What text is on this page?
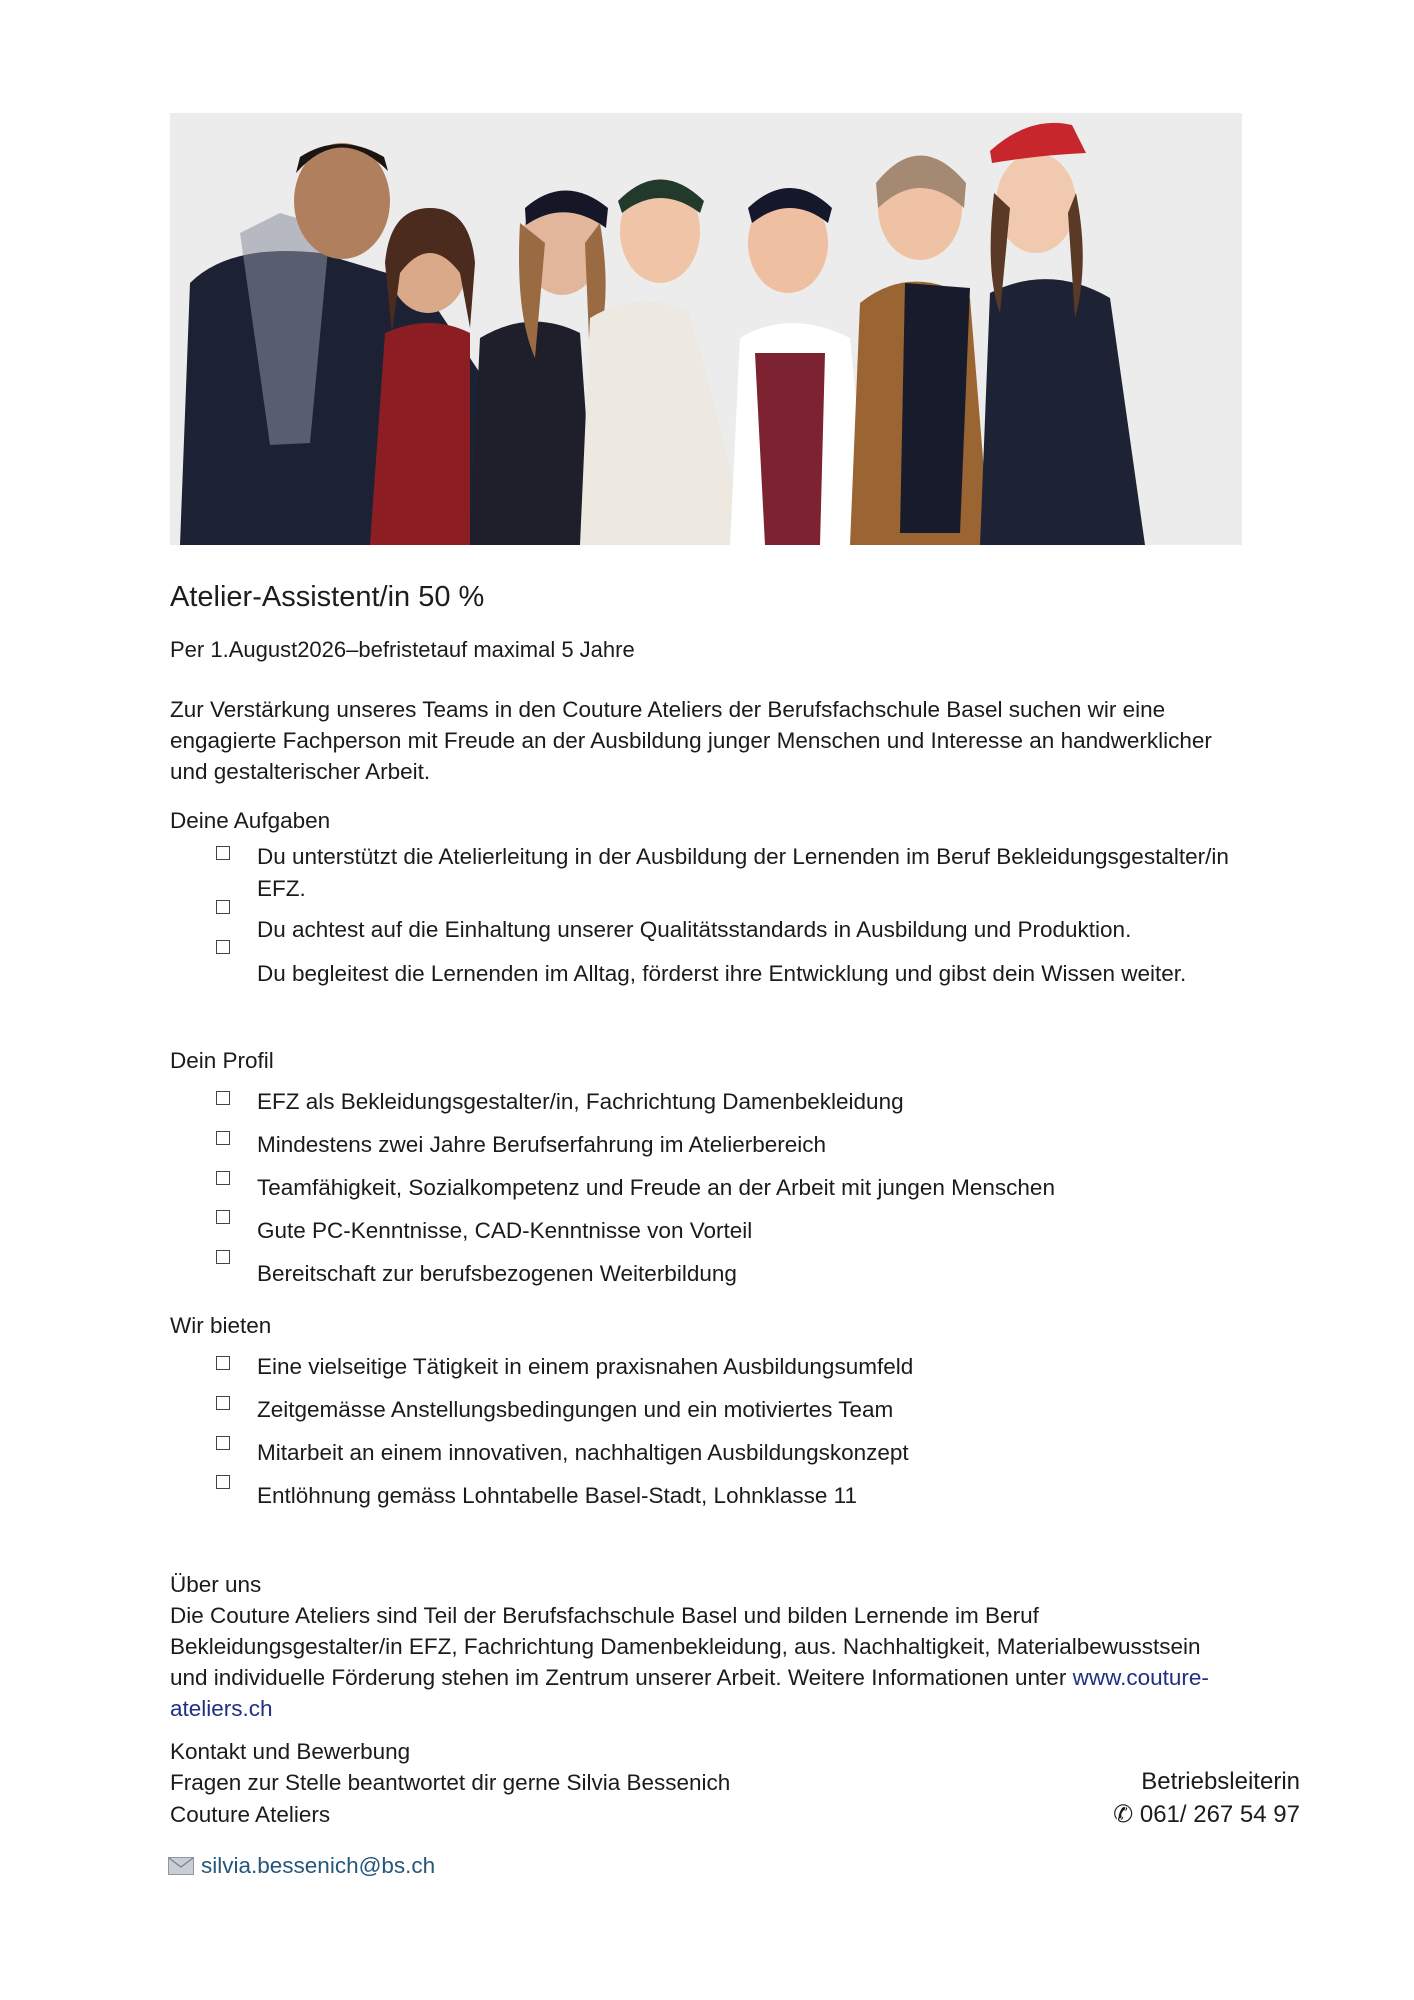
Atelier-Assistent/in 50 %
Per 1.August2026–befristetauf maximal 5 Jahre
Zur Verstärkung unseres Teams in den Couture Ateliers der Berufsfachschule Basel suchen wir eine engagierte Fachperson mit Freude an der Ausbildung junger Menschen und Interesse an handwerklicher und gestalterischer Arbeit.
Deine Aufgaben
Du unterstützt die Atelierleitung in der Ausbildung der Lernenden im Beruf Bekleidungsgestalter/in EFZ.
Du achtest auf die Einhaltung unserer Qualitätsstandards in Ausbildung und Produktion.
Du begleitest die Lernenden im Alltag, förderst ihre Entwicklung und gibst dein Wissen weiter.
Dein Profil
EFZ als Bekleidungsgestalter/in, Fachrichtung Damenbekleidung
Mindestens zwei Jahre Berufserfahrung im Atelierbereich
Teamfähigkeit, Sozialkompetenz und Freude an der Arbeit mit jungen Menschen
Gute PC-Kenntnisse, CAD-Kenntnisse von Vorteil
Bereitschaft zur berufsbezogenen Weiterbildung
Wir bieten
Eine vielseitige Tätigkeit in einem praxisnahen Ausbildungsumfeld
Zeitgemässe Anstellungsbedingungen und ein motiviertes Team
Mitarbeit an einem innovativen, nachhaltigen Ausbildungskonzept
Entlöhnung gemäss Lohntabelle Basel-Stadt, Lohnklasse 11
Über uns
Die Couture Ateliers sind Teil der Berufsfachschule Basel und bilden Lernende im Beruf Bekleidungsgestalter/in EFZ, Fachrichtung Damenbekleidung, aus. Nachhaltigkeit, Materialbewusstsein und individuelle Förderung stehen im Zentrum unserer Arbeit. Weitere Informationen unter www.couture-ateliers.ch
Kontakt und Bewerbung
Fragen zur Stelle beantwortet dir gerne Silvia Bessenich
Couture Ateliers
Betriebsleiterin
✆ 061/ 267 54 97
silvia.bessenich@bs.ch
